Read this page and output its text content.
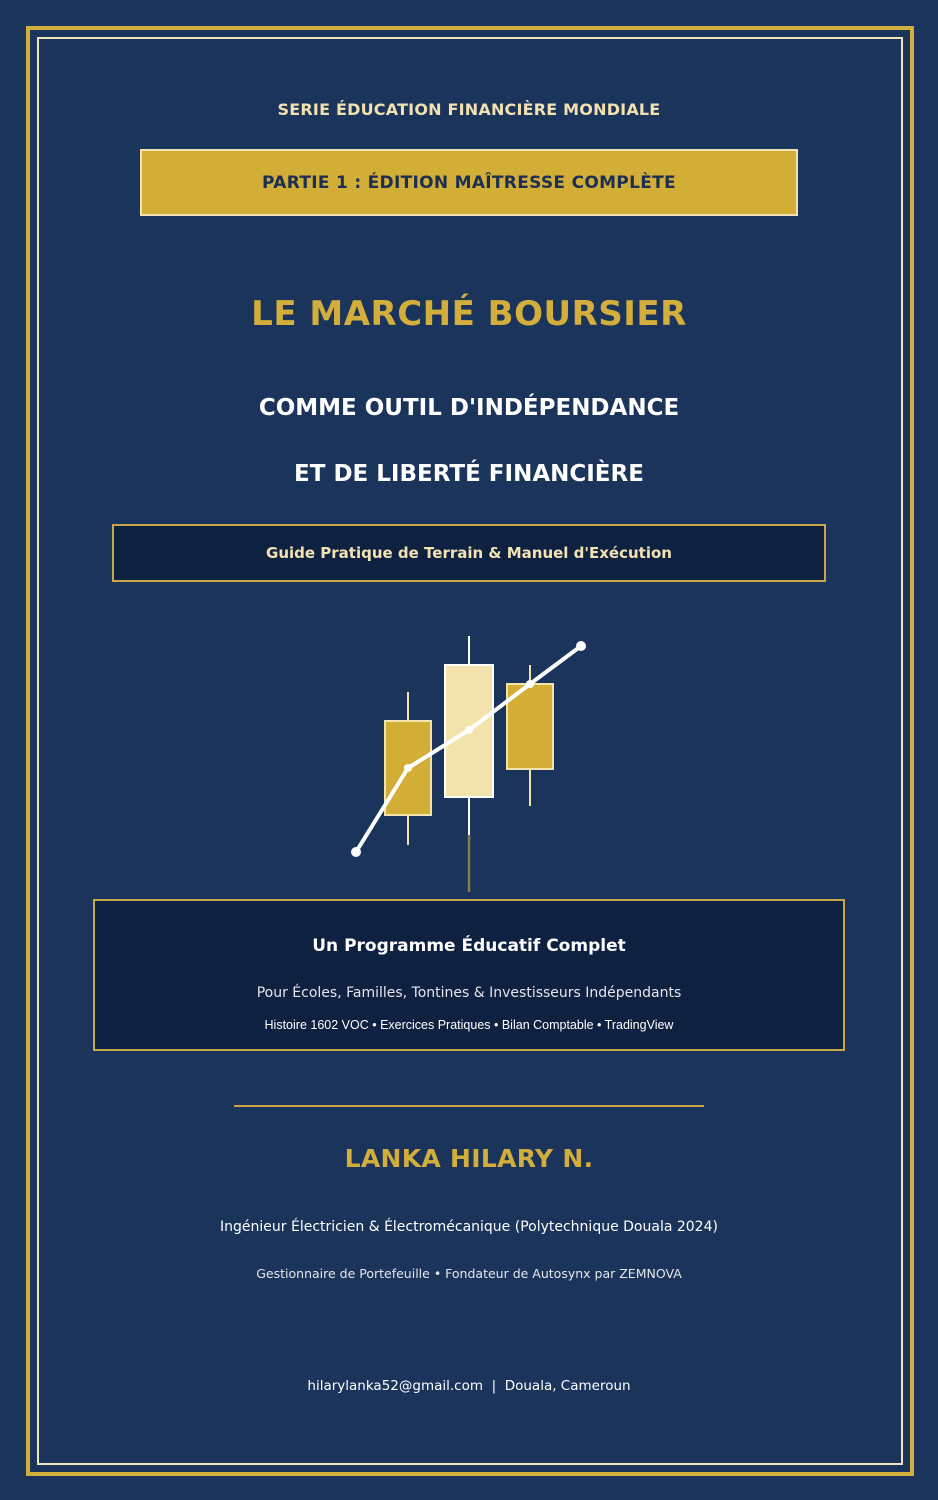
SERIE ÉDUCATION FINANCIÈRE MONDIALE
PARTIE 1 : ÉDITION MAÎTRESSE COMPLÈTE
LE MARCHÉ BOURSIER
COMME OUTIL D'INDÉPENDANCE
ET DE LIBERTÉ FINANCIÈRE
Guide Pratique de Terrain & Manuel d'Exécution
Un Programme Éducatif Complet
Pour Écoles, Familles, Tontines & Investisseurs Indépendants
Histoire 1602 VOC • Exercices Pratiques • Bilan Comptable • TradingView
LANKA HILARY N.
Ingénieur Électricien & Électromécanique (Polytechnique Douala 2024)
Gestionnaire de Portefeuille • Fondateur de Autosynx par ZEMNOVA
hilarylanka52@gmail.com  |  Douala, Cameroun
